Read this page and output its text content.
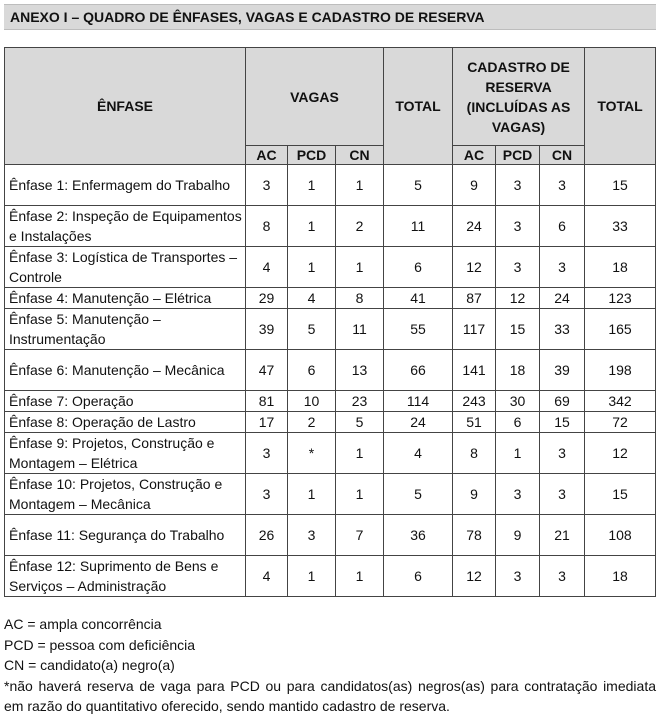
ANEXO I – QUADRO DE ÊNFASES, VAGAS E CADASTRO DE RESERVA
ÊNFASE	VAGAS			TOTAL	CADASTRO DE RESERVA (INCLUÍDAS AS VAGAS)			TOTAL
	AC	PCD	CN		AC	PCD	CN	
Ênfase 1: Enfermagem do Trabalho	3	1	1	5	9	3	3	15
Ênfase 2: Inspeção de Equipamentos e Instalações	8	1	2	11	24	3	6	33
Ênfase 3: Logística de Transportes – Controle	4	1	1	6	12	3	3	18
Ênfase 4: Manutenção – Elétrica	29	4	8	41	87	12	24	123
Ênfase 5: Manutenção – Instrumentação	39	5	11	55	117	15	33	165
Ênfase 6: Manutenção – Mecânica	47	6	13	66	141	18	39	198
Ênfase 7: Operação	81	10	23	114	243	30	69	342
Ênfase 8: Operação de Lastro	17	2	5	24	51	6	15	72
Ênfase 9: Projetos, Construção e Montagem – Elétrica	3	*	1	4	8	1	3	12
Ênfase 10: Projetos, Construção e Montagem – Mecânica	3	1	1	5	9	3	3	15
Ênfase 11: Segurança do Trabalho	26	3	7	36	78	9	21	108
Ênfase 12: Suprimento de Bens e Serviços – Administração	4	1	1	6	12	3	3	18

AC = ampla concorrência

PCD = pessoa com deficiência

CN = candidato(a) negro(a)

*não haverá reserva de vaga para PCD ou para candidatos(as) negros(as) para contratação imediata em razão do quantitativo oferecido, sendo mantido cadastro de reserva.
